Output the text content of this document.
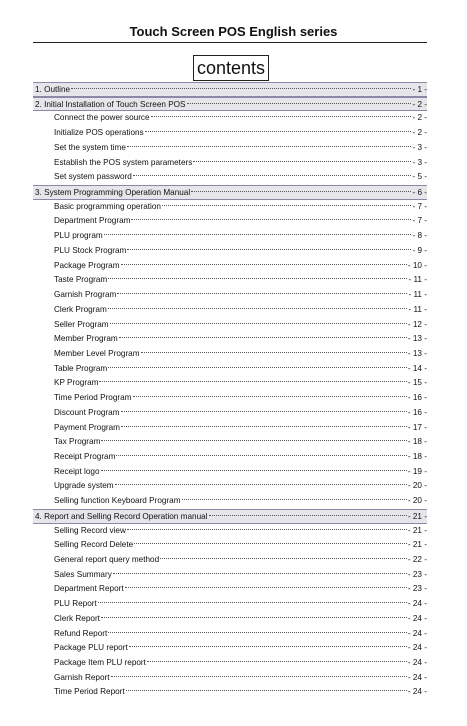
Touch Screen POS English series
contents
1. Outline	- 1 -
2. Initial Installation of Touch Screen POS	- 2 -
Connect the power source	- 2 -
Initialize POS operations	- 2 -
Set the system time	- 3 -
Establish the POS system parameters	- 3 -
Set system password	- 5 -
3. System Programming Operation Manual	- 6 -
Basic programming operation	- 7 -
Department Program	- 7 -
PLU program	- 8 -
PLU Stock Program	- 9 -
Package Program	- 10 -
Taste Program	- 11 -
Garnish Program	- 11 -
Clerk Program	- 11 -
Seller Program	- 12 -
Member Program	- 13 -
Member Level Program	- 13 -
Table Program	- 14 -
KP Program	- 15 -
Time Period Program	- 16 -
Discount Program	- 16 -
Payment Program	- 17 -
Tax Program	- 18 -
Receipt Program	- 18 -
Receipt logo	- 19 -
Upgrade system	- 20 -
Selling function Keyboard Program	- 20 -
4. Report and Selling Record Operation manual	- 21 -
Selling Record view	- 21 -
Selling Record Delete	- 21 -
General report query method	- 22 -
Sales Summary	- 23 -
Department Report	- 23 -
PLU Report	- 24 -
Clerk Report	- 24 -
Refund Report	- 24 -
Package PLU report	- 24 -
Package Item PLU report	- 24 -
Garnish Report	- 24 -
Time Period Report	- 24 -
